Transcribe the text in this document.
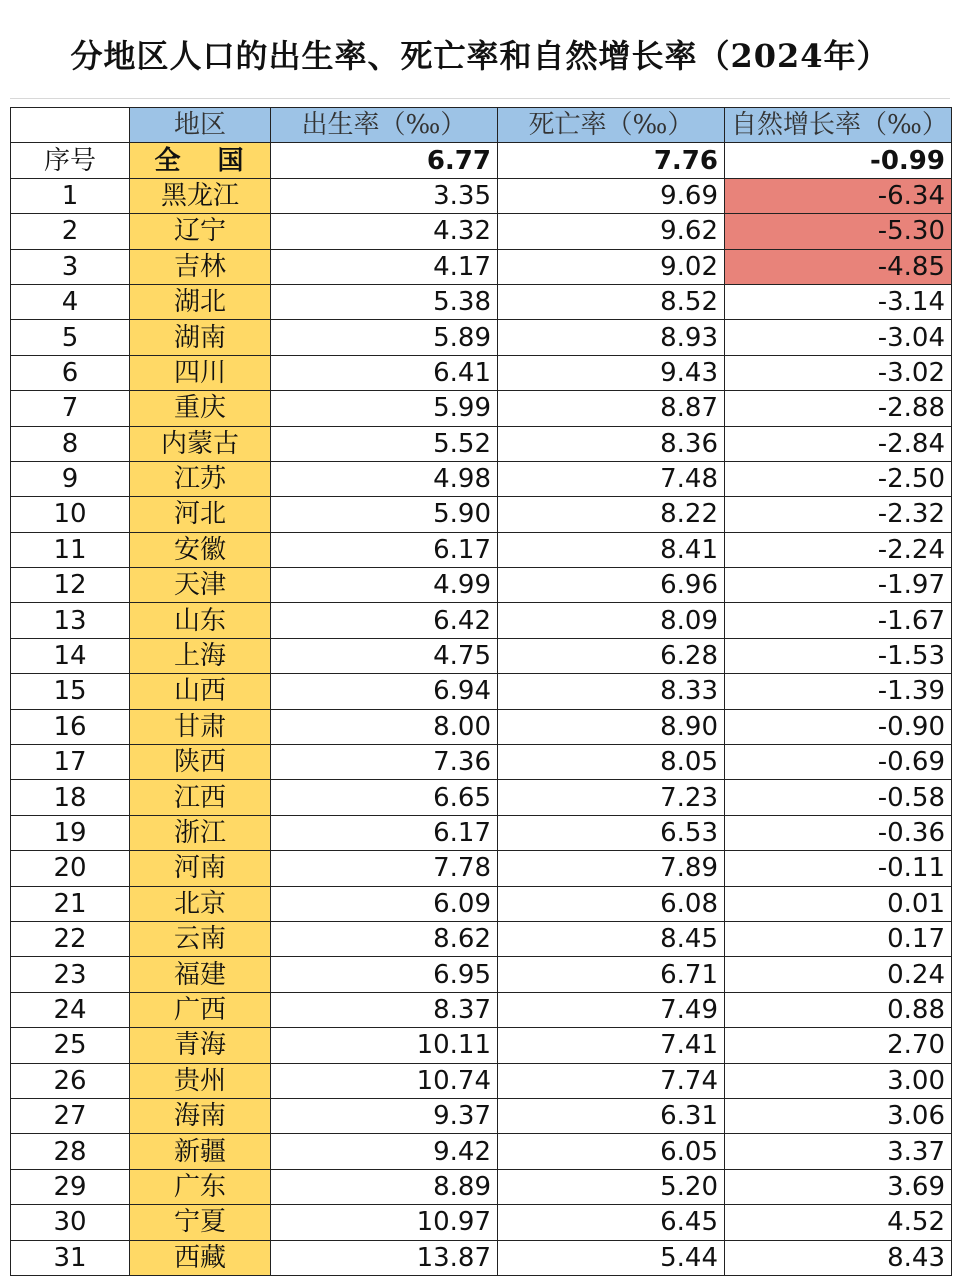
分地区人口的出生率、死亡率和自然增长率（2024年）
	地区	出生率（‰）	死亡率（‰）	自然增长率（‰）
序号	全 国	6.77	7.76	-0.99
1	黑龙江	3.35	9.69	-6.34
2	辽宁	4.32	9.62	-5.30
3	吉林	4.17	9.02	-4.85
4	湖北	5.38	8.52	-3.14
5	湖南	5.89	8.93	-3.04
6	四川	6.41	9.43	-3.02
7	重庆	5.99	8.87	-2.88
8	内蒙古	5.52	8.36	-2.84
9	江苏	4.98	7.48	-2.50
10	河北	5.90	8.22	-2.32
11	安徽	6.17	8.41	-2.24
12	天津	4.99	6.96	-1.97
13	山东	6.42	8.09	-1.67
14	上海	4.75	6.28	-1.53
15	山西	6.94	8.33	-1.39
16	甘肃	8.00	8.90	-0.90
17	陕西	7.36	8.05	-0.69
18	江西	6.65	7.23	-0.58
19	浙江	6.17	6.53	-0.36
20	河南	7.78	7.89	-0.11
21	北京	6.09	6.08	0.01
22	云南	8.62	8.45	0.17
23	福建	6.95	6.71	0.24
24	广西	8.37	7.49	0.88
25	青海	10.11	7.41	2.70
26	贵州	10.74	7.74	3.00
27	海南	9.37	6.31	3.06
28	新疆	9.42	6.05	3.37
29	广东	8.89	5.20	3.69
30	宁夏	10.97	6.45	4.52
31	西藏	13.87	5.44	8.43
